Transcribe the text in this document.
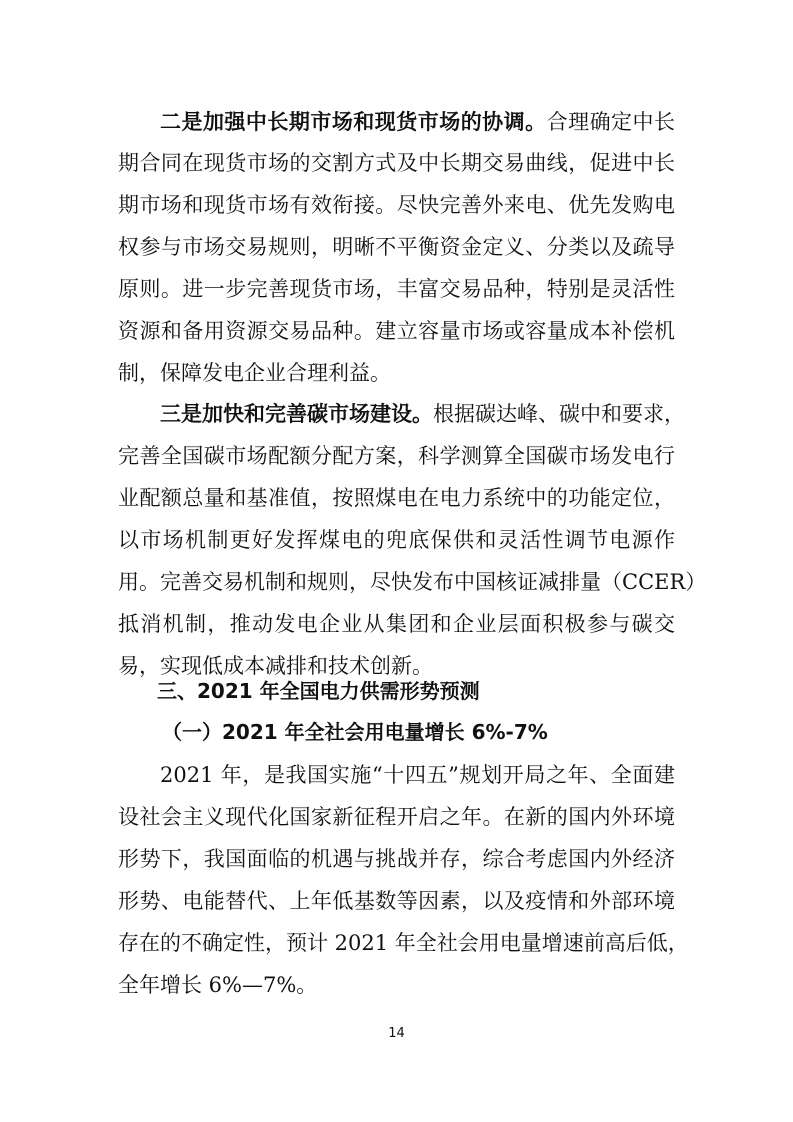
二是加强中长期市场和现货市场的协调。合理确定中长
期合同在现货市场的交割方式及中长期交易曲线，促进中长
期市场和现货市场有效衔接。尽快完善外来电、优先发购电
权参与市场交易规则，明晰不平衡资金定义、分类以及疏导
原则。进一步完善现货市场，丰富交易品种，特别是灵活性
资源和备用资源交易品种。建立容量市场或容量成本补偿机
制，保障发电企业合理利益。
三是加快和完善碳市场建设。根据碳达峰、碳中和要求，
完善全国碳市场配额分配方案，科学测算全国碳市场发电行
业配额总量和基准值，按照煤电在电力系统中的功能定位，
以市场机制更好发挥煤电的兜底保供和灵活性调节电源作
用。完善交易机制和规则，尽快发布中国核证减排量（CCER）
抵消机制，推动发电企业从集团和企业层面积极参与碳交
易，实现低成本减排和技术创新。
三、2021 年全国电力供需形势预测
（一）2021 年全社会用电量增长 6%-7%
2021 年，是我国实施“十四五”规划开局之年、全面建
设社会主义现代化国家新征程开启之年。在新的国内外环境
形势下，我国面临的机遇与挑战并存，综合考虑国内外经济
形势、电能替代、上年低基数等因素，以及疫情和外部环境
存在的不确定性，预计 2021 年全社会用电量增速前高后低，
全年增长 6%—7%。
14
